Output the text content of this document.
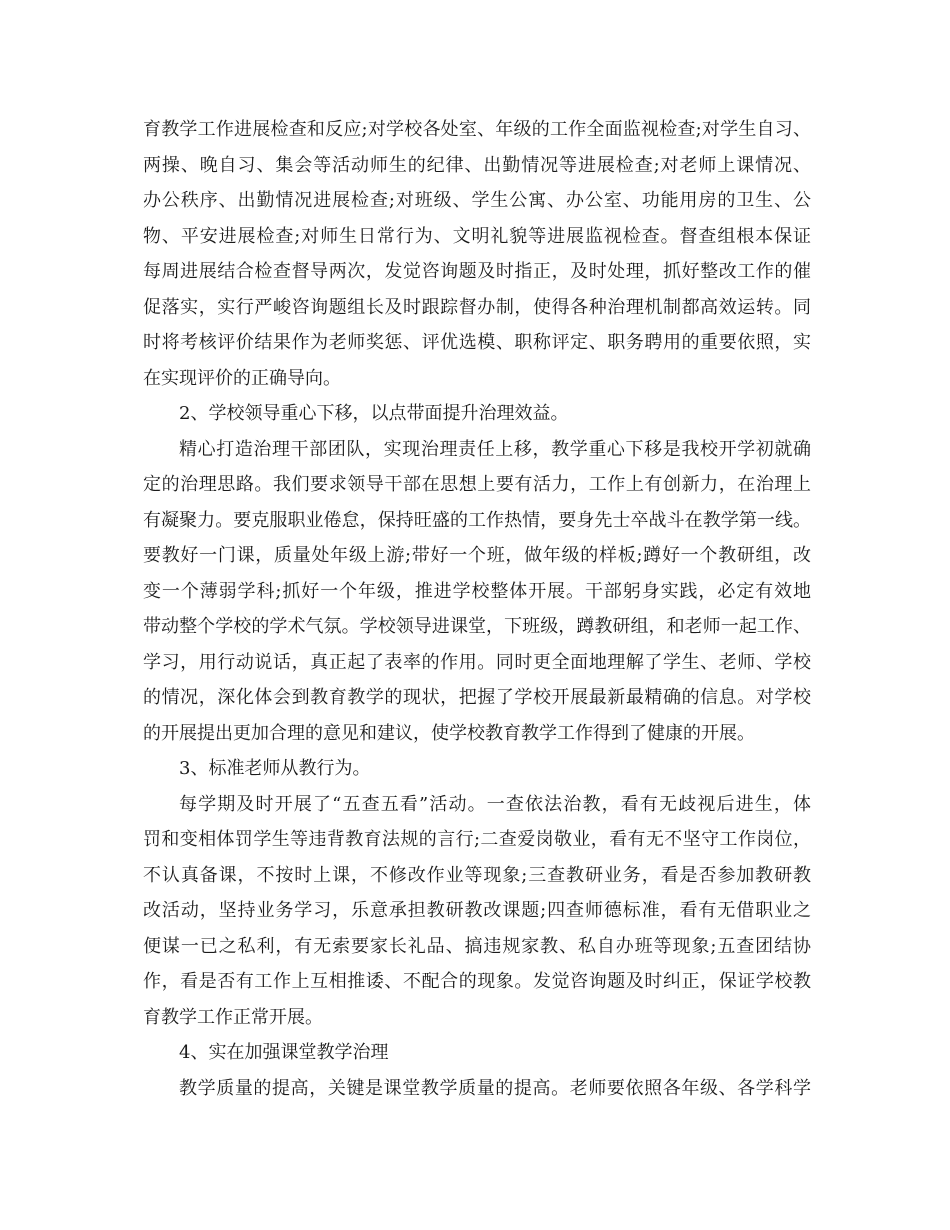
育教学工作进展检查和反应;对学校各处室、年级的工作全面监视检查;对学生自习、
两操、晚自习、集会等活动师生的纪律、出勤情况等进展检查;对老师上课情况、
办公秩序、出勤情况进展检查;对班级、学生公寓、办公室、功能用房的卫生、公
物、平安进展检查;对师生日常行为、文明礼貌等进展监视检查。督查组根本保证
每周进展结合检查督导两次，发觉咨询题及时指正，及时处理，抓好整改工作的催
促落实，实行严峻咨询题组长及时跟踪督办制，使得各种治理机制都高效运转。同
时将考核评价结果作为老师奖惩、评优选模、职称评定、职务聘用的重要依照，实
在实现评价的正确导向。
2、学校领导重心下移，以点带面提升治理效益。
精心打造治理干部团队，实现治理责任上移，教学重心下移是我校开学初就确
定的治理思路。我们要求领导干部在思想上要有活力，工作上有创新力，在治理上
有凝聚力。要克服职业倦怠，保持旺盛的工作热情，要身先士卒战斗在教学第一线。
要教好一门课，质量处年级上游;带好一个班，做年级的样板;蹲好一个教研组，改
变一个薄弱学科;抓好一个年级，推进学校整体开展。干部躬身实践，必定有效地
带动整个学校的学术气氛。学校领导进课堂，下班级，蹲教研组，和老师一起工作、
学习，用行动说话，真正起了表率的作用。同时更全面地理解了学生、老师、学校
的情况，深化体会到教育教学的现状，把握了学校开展最新最精确的信息。对学校
的开展提出更加合理的意见和建议，使学校教育教学工作得到了健康的开展。
3、标准老师从教行为。
每学期及时开展了“五查五看”活动。一查依法治教，看有无歧视后进生，体
罚和变相体罚学生等违背教育法规的言行;二查爱岗敬业，看有无不坚守工作岗位，
不认真备课，不按时上课，不修改作业等现象;三查教研业务，看是否参加教研教
改活动，坚持业务学习，乐意承担教研教改课题;四查师德标准，看有无借职业之
便谋一已之私利，有无索要家长礼品、搞违规家教、私自办班等现象;五查团结协
作，看是否有工作上互相推诿、不配合的现象。发觉咨询题及时纠正，保证学校教
育教学工作正常开展。
4、实在加强课堂教学治理
教学质量的提高，关键是课堂教学质量的提高。老师要依照各年级、各学科学
